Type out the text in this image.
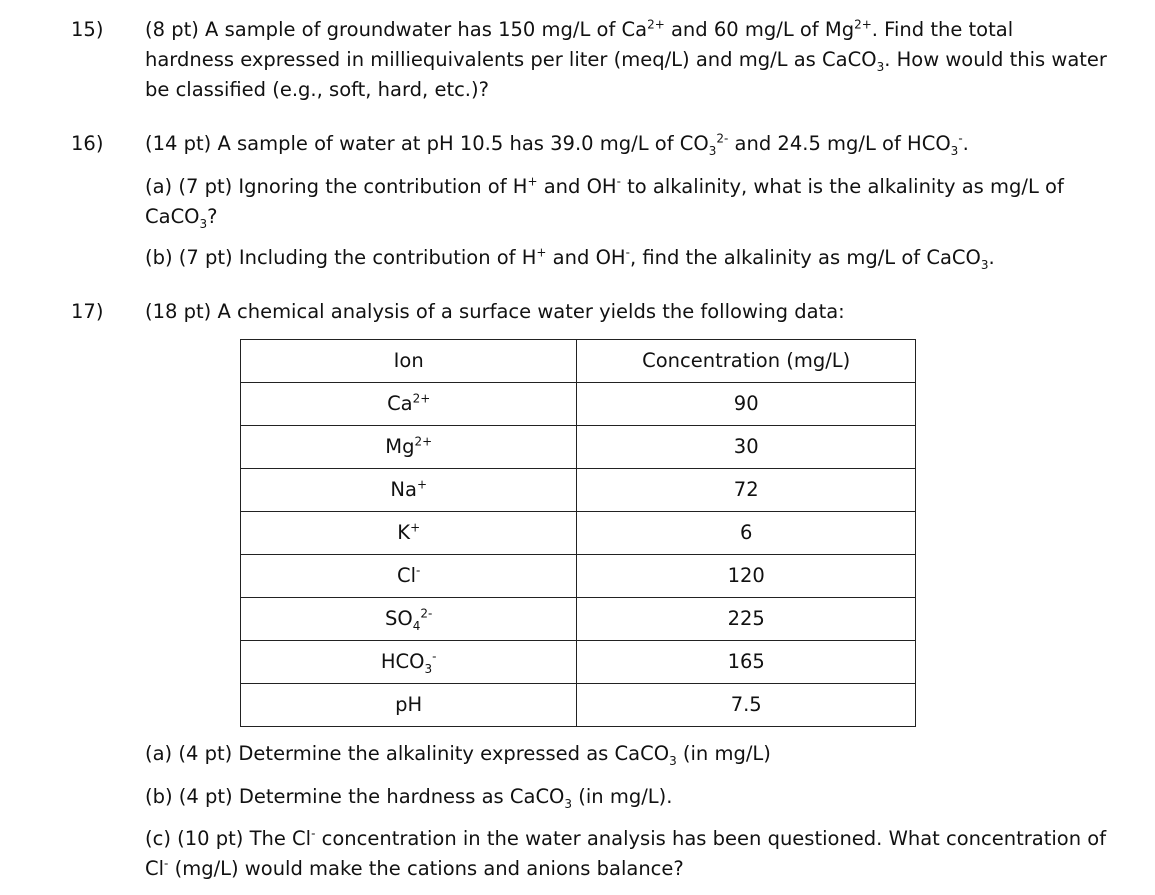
15) (8 pt) A sample of groundwater has 150 mg/L of $Ca^{2+}$ and 60 mg/L of $Mg^{2+}$. Find the total hardness expressed in milliequivalents per liter (meq/L) and mg/L as CaCO$_3$. How would this water be classified (e.g., soft, hard, etc.)?

16) (14 pt) A sample of water at pH 10.5 has 39.0 mg/L of $CO_3^{2-}$ and 24.5 mg/L of $HCO_3^-$.

(a) (7 pt) Ignoring the contribution of H+ and OH- to alkalinity, what is the alkalinity as mg/L of CaCO$_3$?

(b) (7 pt) Including the contribution of H+ and OH-, find the alkalinity as mg/L of CaCO$_3$.

17) (18 pt) A chemical analysis of a surface water yields the following data:

Ion	Concentration (mg/L)
$Ca^{2+}$	90
$Mg^{2+}$	30
Na+	72
K+	6
Cl-	120
$SO_4^{2-}$	225
$HCO_3^-$	165
pH	7.5

(a) (4 pt) Determine the alkalinity expressed as CaCO$_3$ (in mg/L)

(b) (4 pt) Determine the hardness as CaCO$_3$ (in mg/L).

(c) (10 pt) The Cl- concentration in the water analysis has been questioned. What concentration of Cl- (mg/L) would make the cations and anions balance?
